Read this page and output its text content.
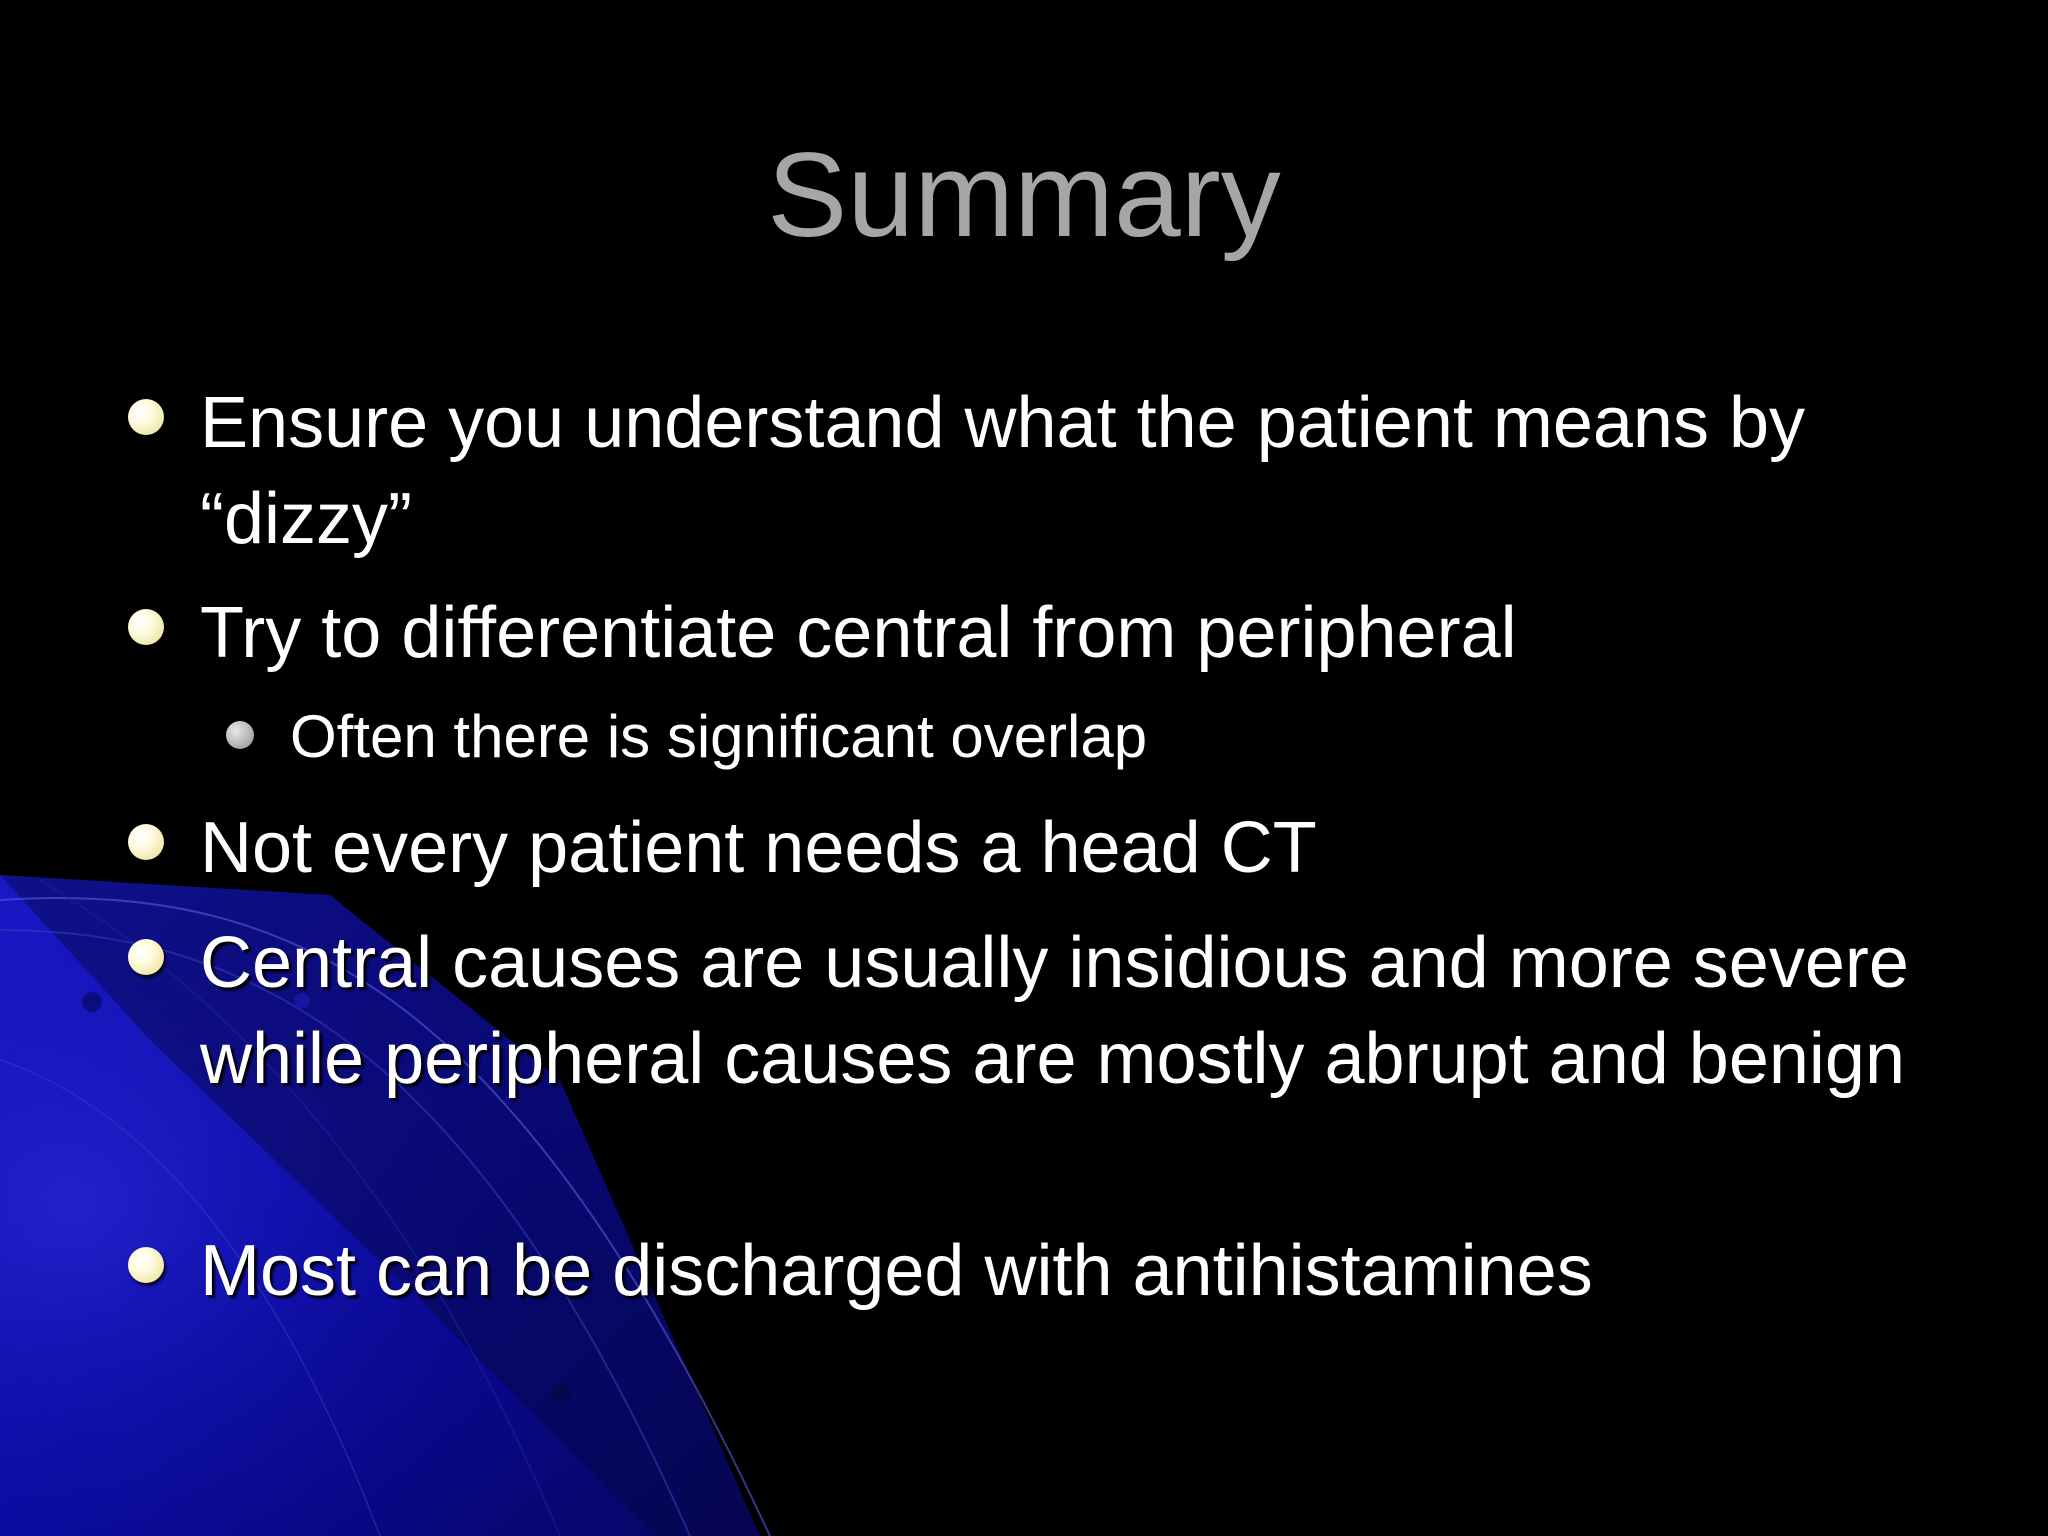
Summary
Ensure you understand what the patient means by “dizzy”
Try to differentiate central from peripheral
Often there is significant overlap
Not every patient needs a head CT
Central causes are usually insidious and more severe while peripheral causes are mostly abrupt and benign
Most can be discharged with antihistamines
